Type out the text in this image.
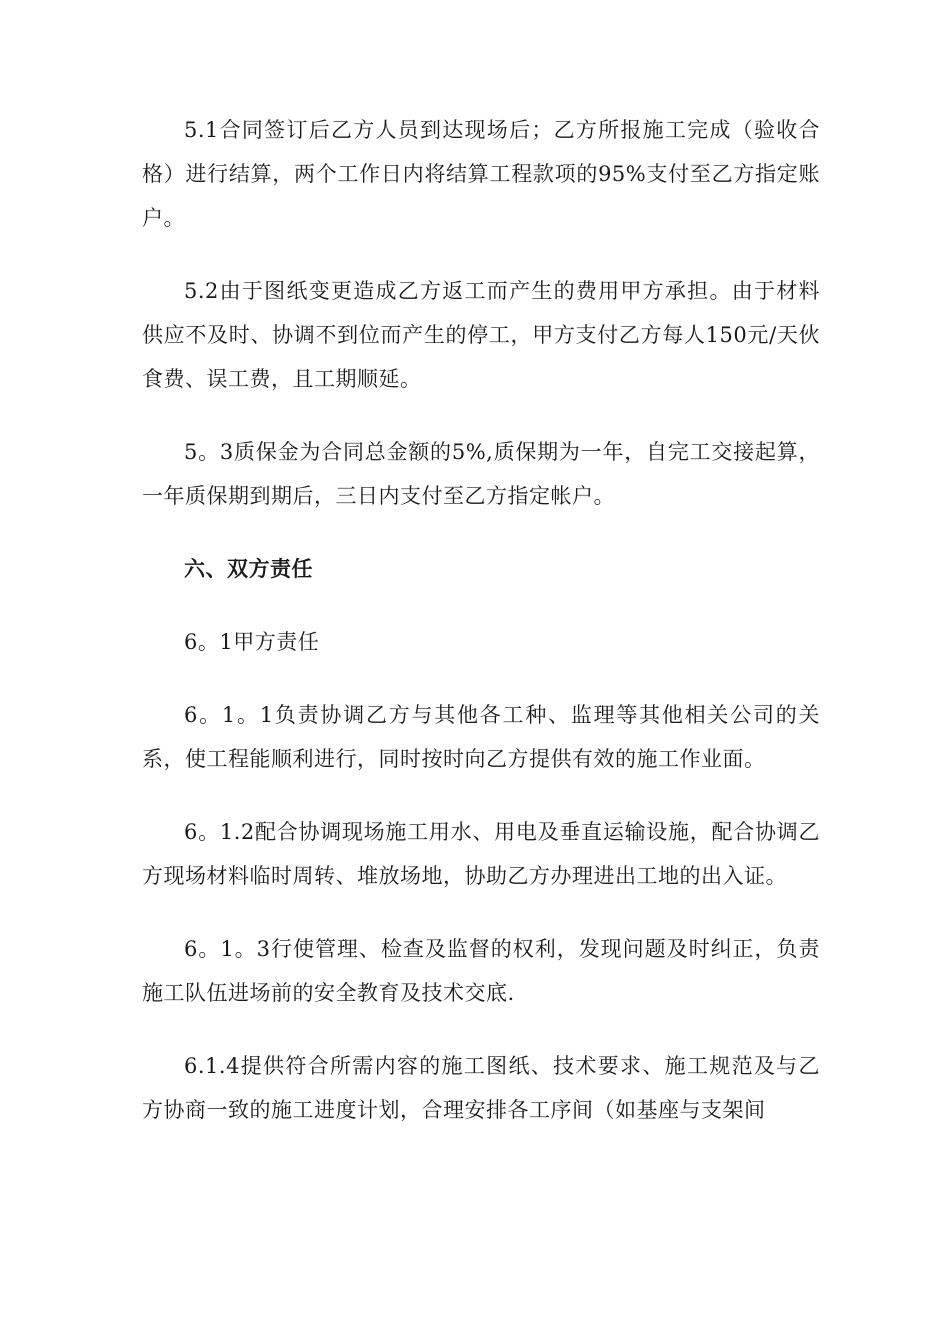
5.1合同签订后乙方人员到达现场后；乙方所报施工完成（验收合格）进行结算，两个工作日内将结算工程款项的95%支付至乙方指定账户。

5.2由于图纸变更造成乙方返工而产生的费用甲方承担。由于材料供应不及时、协调不到位而产生的停工，甲方支付乙方每人150元/天伙食费、误工费，且工期顺延。

5。3质保金为合同总金额的5%,质保期为一年，自完工交接起算，一年质保期到期后，三日内支付至乙方指定帐户。

六、双方责任

6。1甲方责任

6。1。1负责协调乙方与其他各工种、监理等其他相关公司的关系，使工程能顺利进行，同时按时向乙方提供有效的施工作业面。

6。1.2配合协调现场施工用水、用电及垂直运输设施，配合协调乙方现场材料临时周转、堆放场地，协助乙方办理进出工地的出入证。

6。1。3行使管理、检查及监督的权利，发现问题及时纠正，负责施工队伍进场前的安全教育及技术交底.

6.1.4提供符合所需内容的施工图纸、技术要求、施工规范及与乙方协商一致的施工进度计划，合理安排各工序间（如基座与支架间
